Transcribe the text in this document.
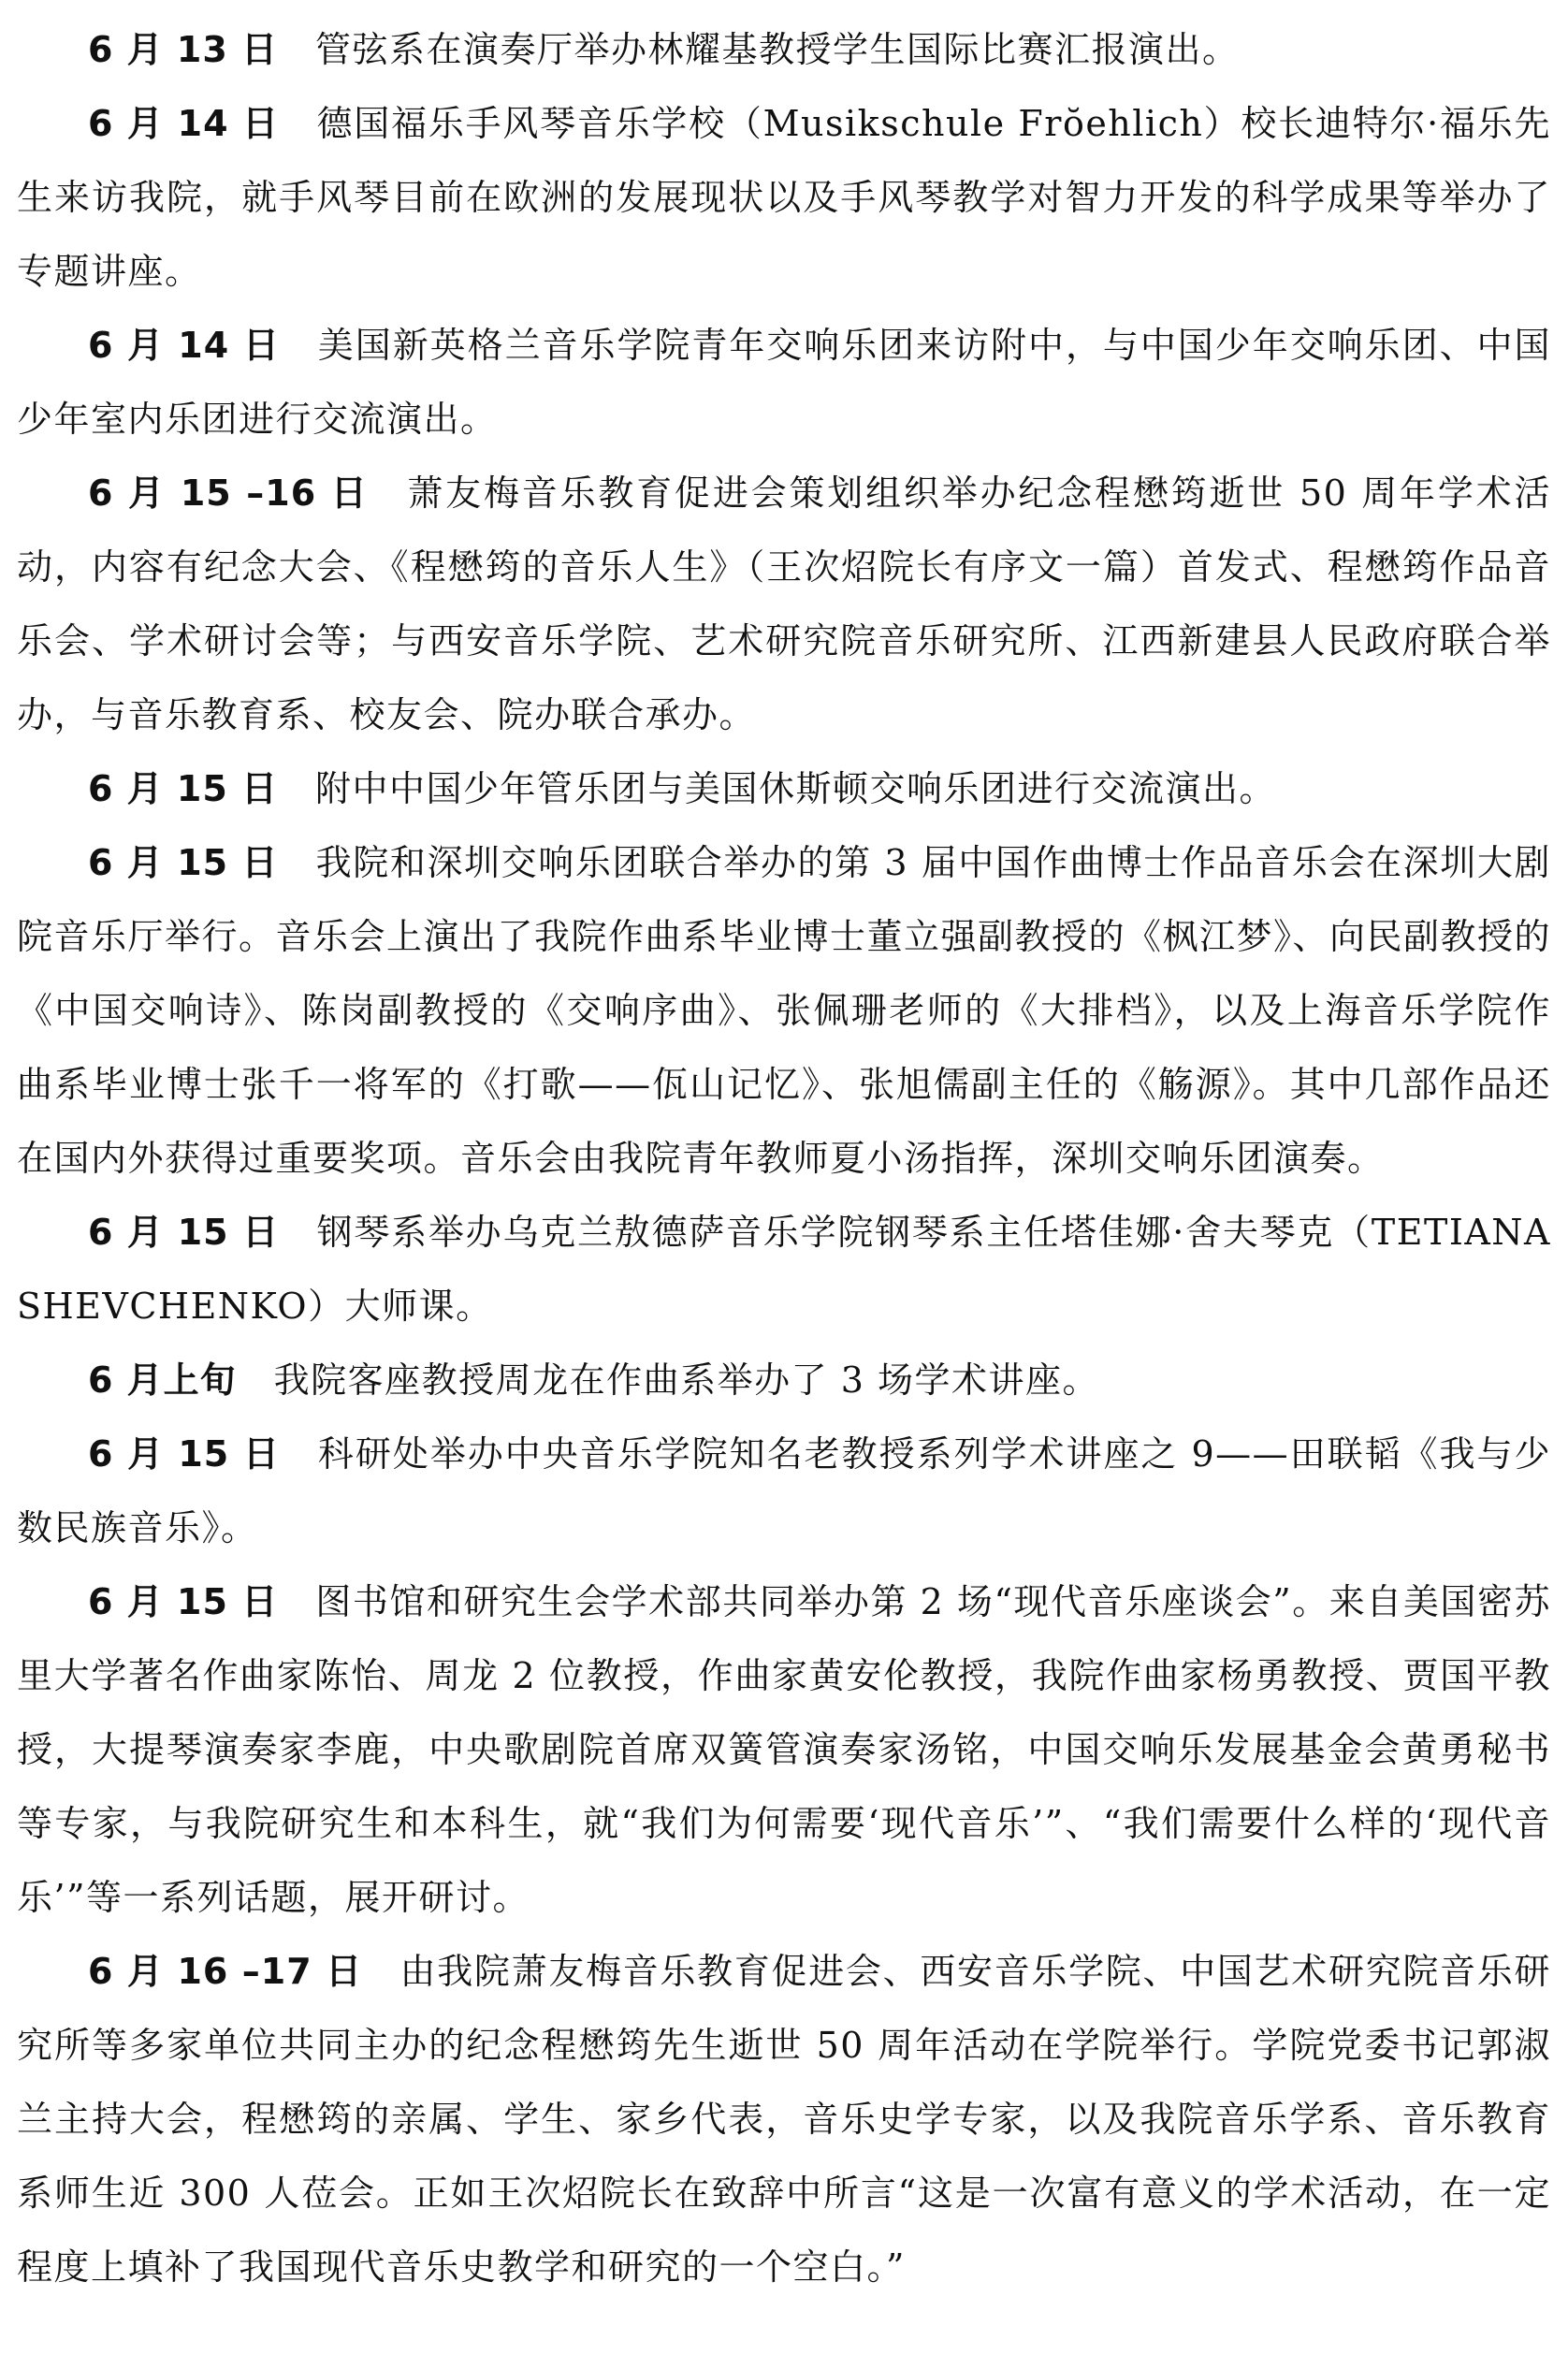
6 月 13 日 管弦系在演奏厅举办林耀基教授学生国际比赛汇报演出。

6 月 14 日 德国福乐手风琴音乐学校（Musikschule Frŏehlich）校长迪特尔·福乐先生来访我院，就手风琴目前在欧洲的发展现状以及手风琴教学对智力开发的科学成果等举办了专题讲座。

6 月 14 日 美国新英格兰音乐学院青年交响乐团来访附中，与中国少年交响乐团、中国少年室内乐团进行交流演出。

6 月 15 –16 日 萧友梅音乐教育促进会策划组织举办纪念程懋筠逝世 50 周年学术活动，内容有纪念大会、《程懋筠的音乐人生》（王次炤院长有序文一篇）首发式、程懋筠作品音乐会、学术研讨会等；与西安音乐学院、艺术研究院音乐研究所、江西新建县人民政府联合举办，与音乐教育系、校友会、院办联合承办。

6 月 15 日 附中中国少年管乐团与美国休斯顿交响乐团进行交流演出。

6 月 15 日 我院和深圳交响乐团联合举办的第 3 届中国作曲博士作品音乐会在深圳大剧院音乐厅举行。音乐会上演出了我院作曲系毕业博士董立强副教授的《枫江梦》、向民副教授的《中国交响诗》、陈岗副教授的《交响序曲》、张佩珊老师的《大排档》，以及上海音乐学院作曲系毕业博士张千一将军的《打歌——佤山记忆》、张旭儒副主任的《觞源》。其中几部作品还在国内外获得过重要奖项。音乐会由我院青年教师夏小汤指挥，深圳交响乐团演奏。

6 月 15 日 钢琴系举办乌克兰敖德萨音乐学院钢琴系主任塔佳娜·舍夫琴克（TETIANA SHEVCHENKO）大师课。

6 月上旬 我院客座教授周龙在作曲系举办了 3 场学术讲座。

6 月 15 日 科研处举办中央音乐学院知名老教授系列学术讲座之 9——田联韬《我与少数民族音乐》。

6 月 15 日 图书馆和研究生会学术部共同举办第 2 场“现代音乐座谈会”。来自美国密苏里大学著名作曲家陈怡、周龙 2 位教授，作曲家黄安伦教授，我院作曲家杨勇教授、贾国平教授，大提琴演奏家李鹿，中央歌剧院首席双簧管演奏家汤铭，中国交响乐发展基金会黄勇秘书等专家，与我院研究生和本科生，就“我们为何需要‘现代音乐’”、“我们需要什么样的‘现代音乐’”等一系列话题，展开研讨。

6 月 16 –17 日 由我院萧友梅音乐教育促进会、西安音乐学院、中国艺术研究院音乐研究所等多家单位共同主办的纪念程懋筠先生逝世 50 周年活动在学院举行。学院党委书记郭淑兰主持大会，程懋筠的亲属、学生、家乡代表，音乐史学专家，以及我院音乐学系、音乐教育系师生近 300 人莅会。正如王次炤院长在致辞中所言“这是一次富有意义的学术活动，在一定程度上填补了我国现代音乐史教学和研究的一个空白。”
